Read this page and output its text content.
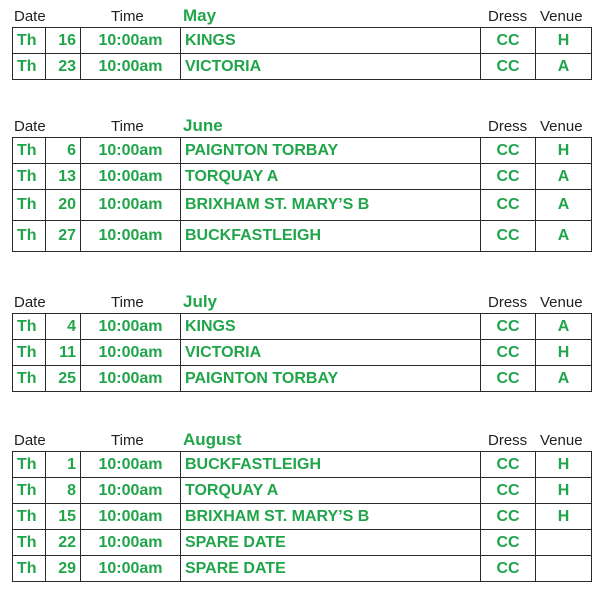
Date	Time May	Dress Venue
Th	16	10:00am	KINGS	CC	H
Th	23	10:00am	VICTORIA	CC	A
Date	Time June	Dress Venue
Th	6	10:00am	PAIGNTON TORBAY	CC	H
Th	13	10:00am	TORQUAY A	CC	A
Th	20	10:00am	BRIXHAM ST. MARY’S B	CC	A
Th	27	10:00am	BUCKFASTLEIGH	CC	A
Date	Time July	Dress Venue
Th	4	10:00am	KINGS	CC	A
Th	11	10:00am	VICTORIA	CC	H
Th	25	10:00am	PAIGNTON TORBAY	CC	A
Date	Time August	Dress Venue
Th	1	10:00am	BUCKFASTLEIGH	CC	H
Th	8	10:00am	TORQUAY A	CC	H
Th	15	10:00am	BRIXHAM ST. MARY’S B	CC	H
Th	22	10:00am	SPARE DATE	CC	
Th	29	10:00am	SPARE DATE	CC	
